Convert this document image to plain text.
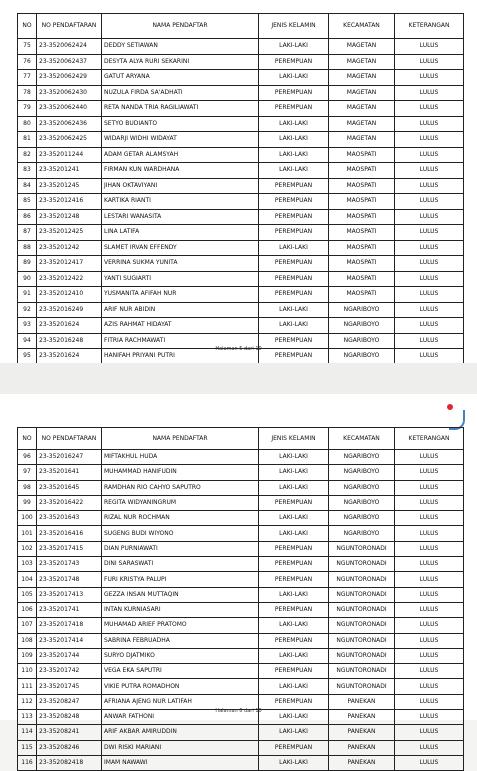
NO	NO PENDAFTARAN	NAMA PENDAFTAR	JENIS KELAMIN	KECAMATAN	KETERANGAN
75	23-3520062424	DEDDY SETIAWAN	LAKI-LAKI	MAGETAN	LULUS
76	23-3520062437	DESYTA ALYA RURI SEKARINI	PEREMPUAN	MAGETAN	LULUS
77	23-3520062429	GATUT ARYANA	LAKI-LAKI	MAGETAN	LULUS
78	23-3520062430	NUZULA FIRDA SA'ADHATI	PEREMPUAN	MAGETAN	LULUS
79	23-3520062440	RETA NANDA TRIA RAGILIAWATI	PEREMPUAN	MAGETAN	LULUS
80	23-3520062436	SETYO BUDIANTO	LAKI-LAKI	MAGETAN	LULUS
81	23-3520062425	WIDARJI WIDHI WIDAYAT	LAKI-LAKI	MAGETAN	LULUS
82	23-352011244	ADAM GETAR ALAMSYAH	LAKI-LAKI	MAOSPATI	LULUS
83	23-35201241	FIRMAN KUN WARDHANA	LAKI-LAKI	MAOSPATI	LULUS
84	23-35201245	JIHAN OKTAVIYANI	PEREMPUAN	MAOSPATI	LULUS
85	23-352012416	KARTIKA RIANTI	PEREMPUAN	MAOSPATI	LULUS
86	23-35201248	LESTARI WANASITA	PEREMPUAN	MAOSPATI	LULUS
87	23-352012425	LINA LATIFA	PEREMPUAN	MAOSPATI	LULUS
88	23-35201242	SLAMET IRVAN EFFENDY	LAKI-LAKI	MAOSPATI	LULUS
89	23-352012417	VERRINA SUKMA YUNITA	PEREMPUAN	MAOSPATI	LULUS
90	23-352012422	YANTI SUGIARTI	PEREMPUAN	MAOSPATI	LULUS
91	23-352012410	YUSMANITA AFIFAH NUR	PEREMPUAN	MAOSPATI	LULUS
92	23-352016249	ARIF NUR ABIDIN	LAKI-LAKI	NGARIBOYO	LULUS
93	23-35201624	AZIS RAHMAT HIDAYAT	LAKI-LAKI	NGARIBOYO	LULUS
94	23-352016248	FITRIA RACHMAWATI	PEREMPUAN	NGARIBOYO	LULUS
95	23-35201624	HANIFAH PRIYANI PUTRI	PEREMPUAN	NGARIBOYO	LULUS
Halaman 5 dari 10
NO	NO PENDAFTARAN	NAMA PENDAFTAR	JENIS KELAMIN	KECAMATAN	KETERANGAN
96	23-352016247	MIFTAKHUL HUDA	LAKI-LAKI	NGARIBOYO	LULUS
97	23-35201641	MUHAMMAD HANIFUDIN	LAKI-LAKI	NGARIBOYO	LULUS
98	23-35201645	RAMDHAN RIO CAHYO SAPUTRO	LAKI-LAKI	NGARIBOYO	LULUS
99	23-352016422	REGITA WIDYANINGRUM	PEREMPUAN	NGARIBOYO	LULUS
100	23-35201643	RIZAL NUR ROCHMAN	LAKI-LAKI	NGARIBOYO	LULUS
101	23-352016416	SUGENG BUDI WIYONO	LAKI-LAKI	NGARIBOYO	LULUS
102	23-352017415	DIAN PURNIAWATI	PEREMPUAN	NGUNTORONADI	LULUS
103	23-35201743	DINI SARASWATI	PEREMPUAN	NGUNTORONADI	LULUS
104	23-35201748	FURI KRISTYA PALUPI	PEREMPUAN	NGUNTORONADI	LULUS
105	23-352017413	GEZZA INSAN MUTTAQIN	LAKI-LAKI	NGUNTORONADI	LULUS
106	23-35201741	INTAN KURNIASARI	PEREMPUAN	NGUNTORONADI	LULUS
107	23-352017418	MUHAMAD ARIEF PRATOMO	LAKI-LAKI	NGUNTORONADI	LULUS
108	23-352017414	SABRINA FEBRUADHA	PEREMPUAN	NGUNTORONADI	LULUS
109	23-35201744	SURYO DJATMIKO	LAKI-LAKI	NGUNTORONADI	LULUS
110	23-35201742	VEGA EKA SAPUTRI	PEREMPUAN	NGUNTORONADI	LULUS
111	23-35201745	VIKIE PUTRA ROMADHON	LAKI-LAKI	NGUNTORONADI	LULUS
112	23-35208247	AFRIANA AJENG NUR LATIFAH	PEREMPUAN	PANEKAN	LULUS
113	23-35208248	ANWAR FATHONI	LAKI-LAKI	PANEKAN	LULUS
114	23-35208241	ARIF AKBAR AMIRUDDIN	LAKI-LAKI	PANEKAN	LULUS
115	23-35208246	DWI RISKI MARIANI	PEREMPUAN	PANEKAN	LULUS
116	23-352082418	IMAM NAWAWI	LAKI-LAKI	PANEKAN	LULUS
Halaman 6 dari 10
